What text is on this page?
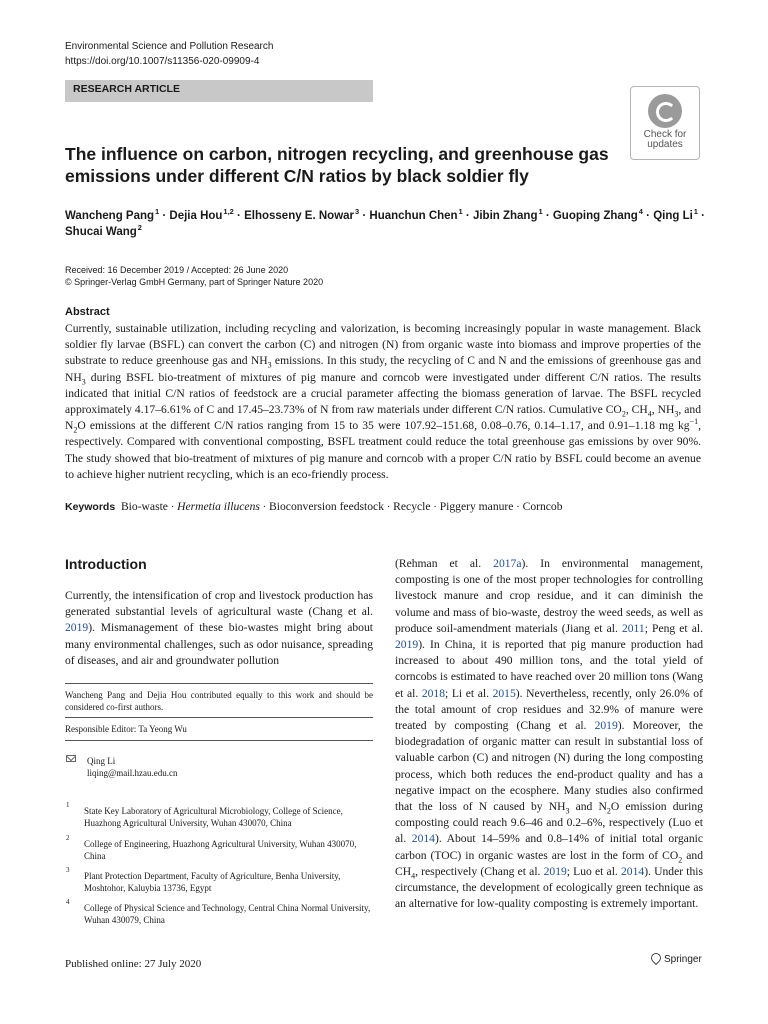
Environmental Science and Pollution Research
https://doi.org/10.1007/s11356-020-09909-4
RESEARCH ARTICLE
Check for
updates
The influence on carbon, nitrogen recycling, and greenhouse gas
emissions under different C/N ratios by black soldier fly
Wancheng Pang $^1$ · Dejia Hou $^{1,2}$ · Elhosseny E. Nowar $^3$ · Huanchun Chen $^1$ · Jibin Zhang $^1$ · Guoping Zhang $^4$ · Qing Li $^1$ ·
Shucai Wang $^2$
Received: 16 December 2019 / Accepted: 26 June 2020
© Springer-Verlag GmbH Germany, part of Springer Nature 2020
Abstract
Currently, sustainable utilization, including recycling and valorization, is becoming increasingly popular in waste management. Black soldier fly larvae (BSFL) can convert the carbon (C) and nitrogen (N) from organic waste into biomass and improve properties of the substrate to reduce greenhouse gas and $NH_3$ emissions. In this study, the recycling of C and N and the emissions of greenhouse gas and $NH_3$ during BSFL bio-treatment of mixtures of pig manure and corncob were investigated under different C/N ratios. The results indicated that initial C/N ratios of feedstock are a crucial parameter affecting the biomass generation of larvae. The BSFL recycled approximately 4.17–6.61% of C and 17.45–23.73% of N from raw materials under different C/N ratios. Cumulative $CO_2$, $CH_4$, $NH_3$, and $N_2O$ emissions at the different C/N ratios ranging from 15 to 35 were 107.92–151.68, 0.08–0.76, 0.14–1.17, and 0.91–1.18 mg $kg^{-1}$, respectively. Compared with conventional composting, BSFL treatment could reduce the total greenhouse gas emissions by over 90%. The study showed that bio-treatment of mixtures of pig manure and corncob with a proper C/N ratio by BSFL could become an avenue to achieve higher nutrient recycling, which is an eco-friendly process.
Keywords Bio-waste · Hermetia illucens · Bioconversion feedstock · Recycle · Piggery manure · Corncob
Introduction
Currently, the intensification of crop and livestock production has generated substantial levels of agricultural waste (Chang et al. 2019). Mismanagement of these bio-wastes might bring about many environmental challenges, such as odor nuisance, spreading of diseases, and air and groundwater pollution
(Rehman et al. 2017a). In environmental management, composting is one of the most proper technologies for controlling livestock manure and crop residue, and it can diminish the volume and mass of bio-waste, destroy the weed seeds, as well as produce soil-amendment materials (Jiang et al. 2011; Peng et al. 2019). In China, it is reported that pig manure production had increased to about 490 million tons, and the total yield of corncobs is estimated to have reached over 20 million tons (Wang et al. 2018; Li et al. 2015). Nevertheless, recently, only 26.0% of the total amount of crop residues and 32.9% of manure were treated by composting (Chang et al. 2019). Moreover, the biodegradation of organic matter can result in substantial loss of valuable carbon (C) and nitrogen (N) during the long composting process, which both reduces the end-product quality and has a negative impact on the ecosphere. Many studies also confirmed that the loss of N caused by $NH_3$ and $N_2O$ emission during composting could reach 9.6–46 and 0.2–6%, respectively (Luo et al. 2014). About 14–59% and 0.8–14% of initial total organic carbon (TOC) in organic wastes are lost in the form of $CO_2$ and $CH_4$, respectively (Chang et al. 2019; Luo et al. 2014). Under this circumstance, the development of ecologically green technique as an alternative for low-quality composting is extremely important.
Wancheng Pang and Dejia Hou contributed equally to this work and should be considered co-first authors.
Responsible Editor: Ta Yeong Wu
Qing Li
liqing@mail.hzau.edu.cn
1
State Key Laboratory of Agricultural Microbiology, College of Science, Huazhong Agricultural University, Wuhan 430070, China
2
College of Engineering, Huazhong Agricultural University, Wuhan 430070, China
3
Plant Protection Department, Faculty of Agriculture, Benha University, Moshtohor, Kaluybia 13736, Egypt
4
College of Physical Science and Technology, Central China Normal University, Wuhan 430079, China
Published online: 27 July 2020	Springer
